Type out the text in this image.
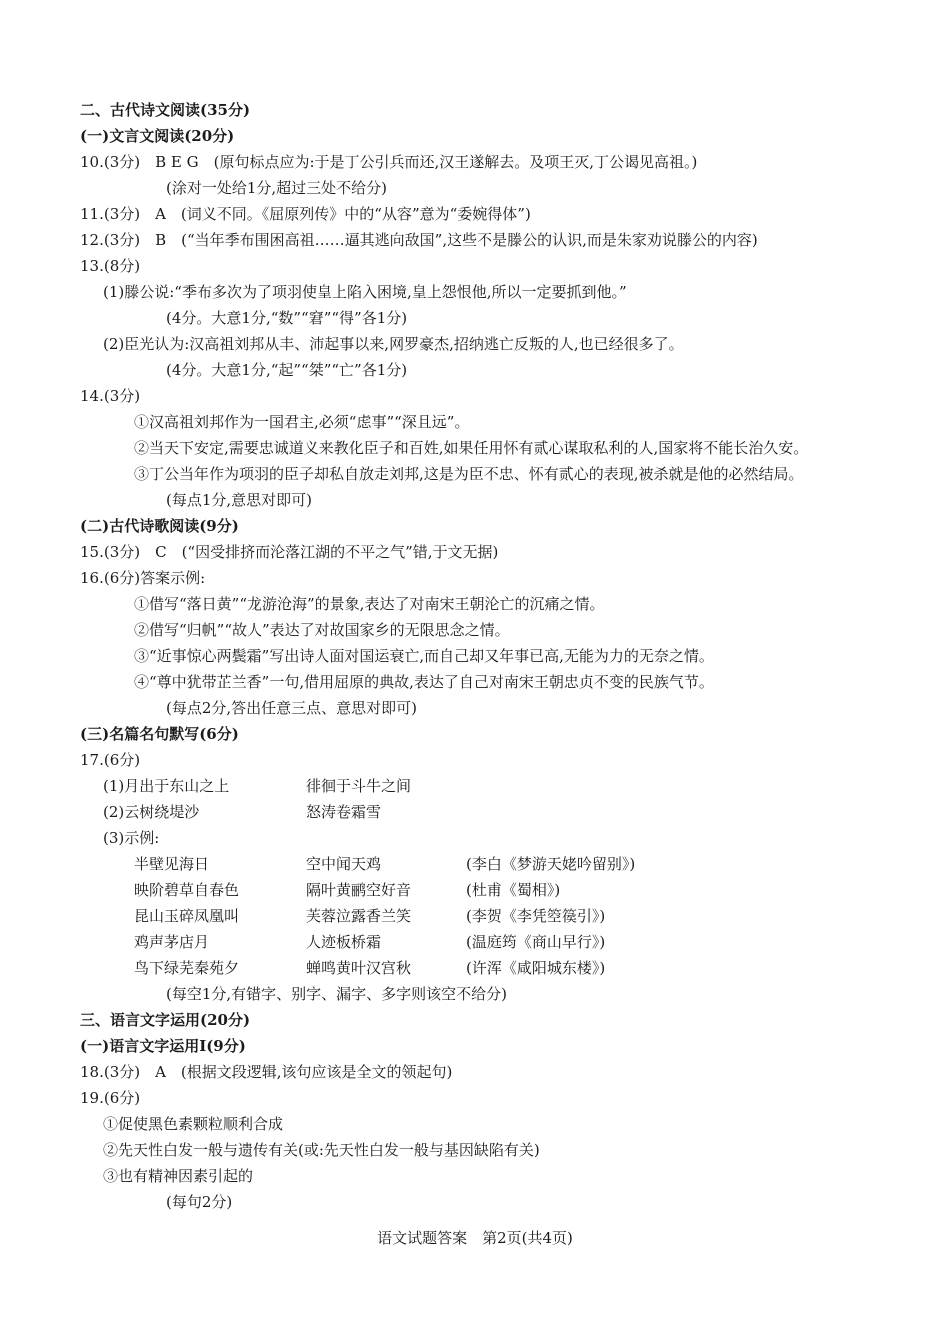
二、古代诗文阅读(35分)
(一)文言文阅读(20分)
10.(3分)　B E G　(原句标点应为:于是丁公引兵而还,汉王遂解去。及项王灭,丁公谒见高祖。)
(涂对一处给1分,超过三处不给分)
11.(3分)　A　(词义不同。《屈原列传》中的“从容”意为“委婉得体”)
12.(3分)　B　(“当年季布围困高祖……逼其逃向敌国”,这些不是滕公的认识,而是朱家劝说滕公的内容)
13.(8分)
(1)滕公说:“季布多次为了项羽使皇上陷入困境,皇上怨恨他,所以一定要抓到他。”
(4分。大意1分,“数”“窘”“得”各1分)
(2)臣光认为:汉高祖刘邦从丰、沛起事以来,网罗豪杰,招纳逃亡反叛的人,也已经很多了。
(4分。大意1分,“起”“桀”“亡”各1分)
14.(3分)
①汉高祖刘邦作为一国君主,必须“虑事”“深且远”。
②当天下安定,需要忠诚道义来教化臣子和百姓,如果任用怀有贰心谋取私利的人,国家将不能长治久安。
③丁公当年作为项羽的臣子却私自放走刘邦,这是为臣不忠、怀有贰心的表现,被杀就是他的必然结局。
(每点1分,意思对即可)
(二)古代诗歌阅读(9分)
15.(3分)　C　(“因受排挤而沦落江湖的不平之气”错,于文无据)
16.(6分)答案示例:
①借写“落日黄”“龙游沧海”的景象,表达了对南宋王朝沦亡的沉痛之情。
②借写“归帆”“故人”表达了对故国家乡的无限思念之情。
③“近事惊心两鬓霜”写出诗人面对国运衰亡,而自己却又年事已高,无能为力的无奈之情。
④“尊中犹带芷兰香”一句,借用屈原的典故,表达了自己对南宋王朝忠贞不变的民族气节。
(每点2分,答出任意三点、意思对即可)
(三)名篇名句默写(6分)
17.(6分)
(1)月出于东山之上	徘徊于斗牛之间
(2)云树绕堤沙	怒涛卷霜雪
(3)示例:
半壁见海日	空中闻天鸡	(李白《梦游天姥吟留别》)
映阶碧草自春色	隔叶黄鹂空好音	(杜甫《蜀相》)
昆山玉碎凤凰叫	芙蓉泣露香兰笑	(李贺《李凭箜篌引》)
鸡声茅店月	人迹板桥霜	(温庭筠《商山早行》)
鸟下绿芜秦苑夕	蝉鸣黄叶汉宫秋	(许浑《咸阳城东楼》)
(每空1分,有错字、别字、漏字、多字则该空不给分)
三、语言文字运用(20分)
(一)语言文字运用Ⅰ(9分)
18.(3分)　A　(根据文段逻辑,该句应该是全文的领起句)
19.(6分)
①促使黑色素颗粒顺利合成
②先天性白发一般与遗传有关(或:先天性白发一般与基因缺陷有关)
③也有精神因素引起的
(每句2分)
语文试题答案　第2页(共4页)
